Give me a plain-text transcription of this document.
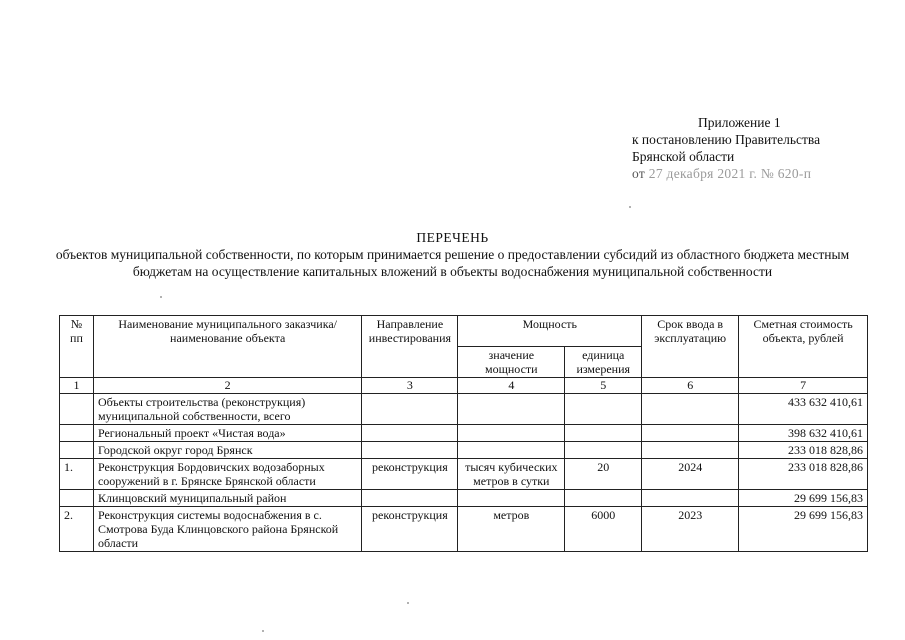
Приложение 1
к постановлению Правительства
Брянской области
от 27 декабря 2021 г. № 620-п
ПЕРЕЧЕНЬ
объектов муниципальной собственности, по которым принимается решение о предоставлении субсидий из областного бюджета местным бюджетам на осуществление капитальных вложений в объекты водоснабжения муниципальной собственности
№ пп	Наименование муниципального заказчика/наименование объекта	Направление инвестирования	Мощность		Срок ввода в эксплуатацию	Сметная стоимость объекта, рублей
			значение мощности	единица измерения		
1	2	3	4	5	6	7
	Объекты строительства (реконструкция) муниципальной собственности, всего					433 632 410,61
	Региональный проект «Чистая вода»					398 632 410,61
	Городской округ город Брянск					233 018 828,86
1.	Реконструкция Бордовичских водозаборных сооружений в г. Брянске Брянской области	реконструкция	тысяч кубических метров в сутки	20	2024	233 018 828,86
	Клинцовский муниципальный район					29 699 156,83
2.	Реконструкция системы водоснабжения в с. Смотрова Буда Клинцовского района Брянской области	реконструкция	метров	6000	2023	29 699 156,83
